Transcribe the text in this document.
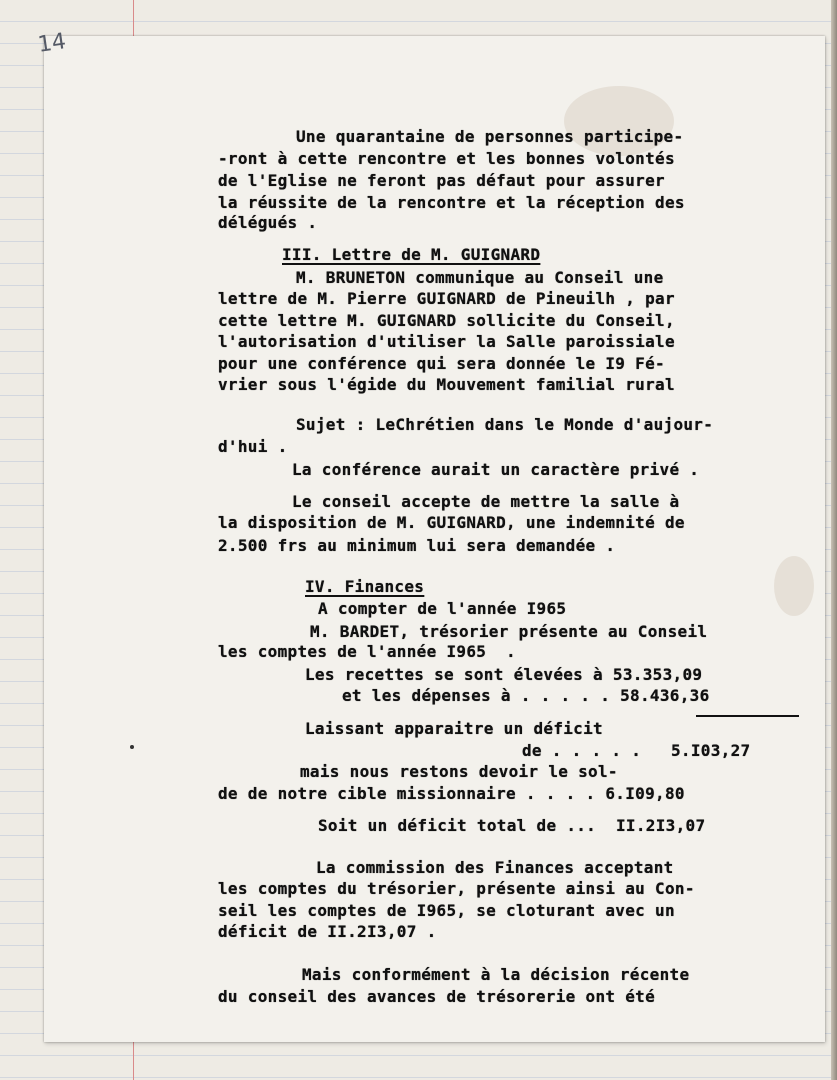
14
Une quarantaine de personnes participe-
-ront à cette rencontre et les bonnes volontés
de l'Eglise ne feront pas défaut pour assurer
la réussite de la rencontre et la réception des
délégués .
III. Lettre de M. GUIGNARD
M. BRUNETON communique au Conseil une
lettre de M. Pierre GUIGNARD de Pineuilh , par
cette lettre M. GUIGNARD sollicite du Conseil,
l'autorisation d'utiliser la Salle paroissiale
pour une conférence qui sera donnée le I9 Fé-
vrier sous l'égide du Mouvement familial rural
Sujet : LeChrétien dans le Monde d'aujour-
d'hui .
La conférence aurait un caractère privé .
Le conseil accepte de mettre la salle à
la disposition de M. GUIGNARD, une indemnité de
2.500 frs au minimum lui sera demandée .
IV. Finances
A compter de l'année I965
M. BARDET, trésorier présente au Conseil
les comptes de l'année I965  .
Les recettes se sont élevées à 53.353,09
et les dépenses à . . . . . 58.436,36
Laissant apparaitre un déficit
de . . . . .   5.I03,27
mais nous restons devoir le sol-
de de notre cible missionnaire . . . . 6.I09,80
Soit un déficit total de ...  II.2I3,07
La commission des Finances acceptant
les comptes du trésorier, présente ainsi au Con-
seil les comptes de I965, se cloturant avec un
déficit de II.2I3,07 .
Mais conformément à la décision récente
du conseil des avances de trésorerie ont été
